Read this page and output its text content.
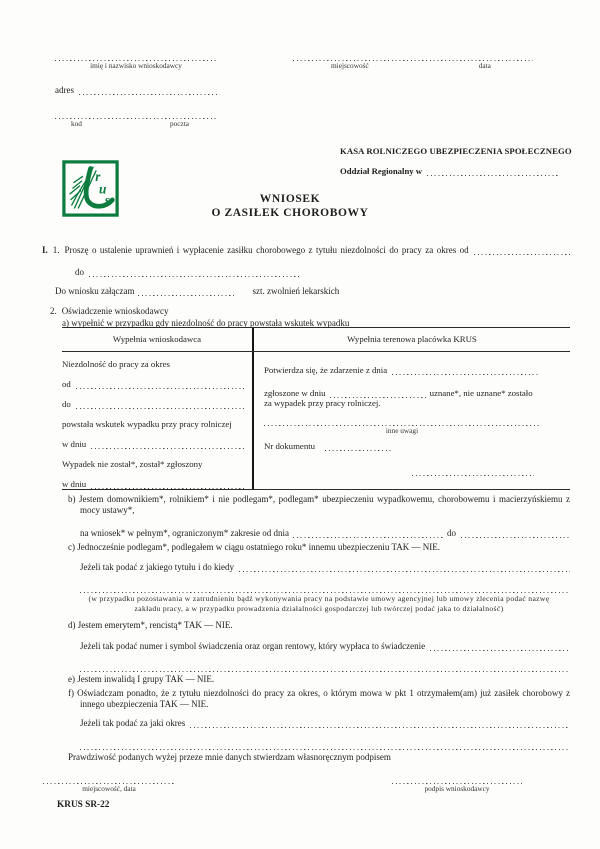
imię i nazwisko wnioskodawcy
adres
kod	poczta
miejscowość	data
r
u
s
KASA ROLNICZEGO UBEZPIECZENIA SPOŁECZNEGO
Oddział Regionalny w
WNIOSEK
O ZASIŁEK CHOROBOWY
I. 1. Proszę o ustalenie uprawnień i wypłacenie zasiłku chorobowego z tytułu niezdolności do pracy za okres od
do
Do wniosku załączam	szt. zwolnień lekarskich
2. Oświadczenie wnioskodawcy
a) wypełnić w przypadku gdy niezdolność do pracy powstała wskutek wypadku
Wypełnia wnioskodawca	Wypełnia terenowa placówka KRUS
Niezdolność do pracy za okres
od
do
powstała wskutek wypadku przy pracy rolniczej
w dniu
Wypadek nie został*, został* zgłoszony
w dniu
Potwierdza się, że zdarzenie z dnia
zgłoszone w dniu	uznane*, nie uznane* zostało
za wypadek przy pracy rolniczej.
inne uwagi
Nr dokumentu

b) Jestem domownikiem*, rolnikiem* i nie podlegam*, podlegam* ubezpieczeniu wypadkowemu, chorobowemu i macierzyńskiemu z mocy ustawy*,

na wniosek* w pełnym*, ograniczonym* zakresie od dnia	do

c) Jednocześnie podlegam*, podlegałem w ciągu ostatniego roku* innemu ubezpieczeniu TAK — NIE.

Jeżeli tak podać z jakiego tytułu i do kiedy
(w przypadku pozostawania w zatrudnieniu bądź wykonywania pracy na podstawie umowy agencyjnej lub umowy zlecenia podać nazwę
zakładu pracy, a w przypadku prowadzenia działalności gospodarczej lub twórczej podać jaka to działalność)

d) Jestem emerytem*, rencistą* TAK — NIE.

Jeżeli tak podać numer i symbol świadczenia oraz organ rentowy, który wypłaca to świadczenie

e) Jestem inwalidą I grupy TAK — NIE.

f) Oświadczam ponadto, że z tytułu niezdolności do pracy za okres, o którym mowa w pkt 1 otrzymałem(am) już zasiłek chorobowy z innego ubezpieczenia TAK — NIE.

Jeżeli tak podać za jaki okres

Prawdziwość podanych wyżej przeze mnie danych stwierdzam własnoręcznym podpisem

miejscowość, data	podpis wnioskodawcy
KRUS SR-22
